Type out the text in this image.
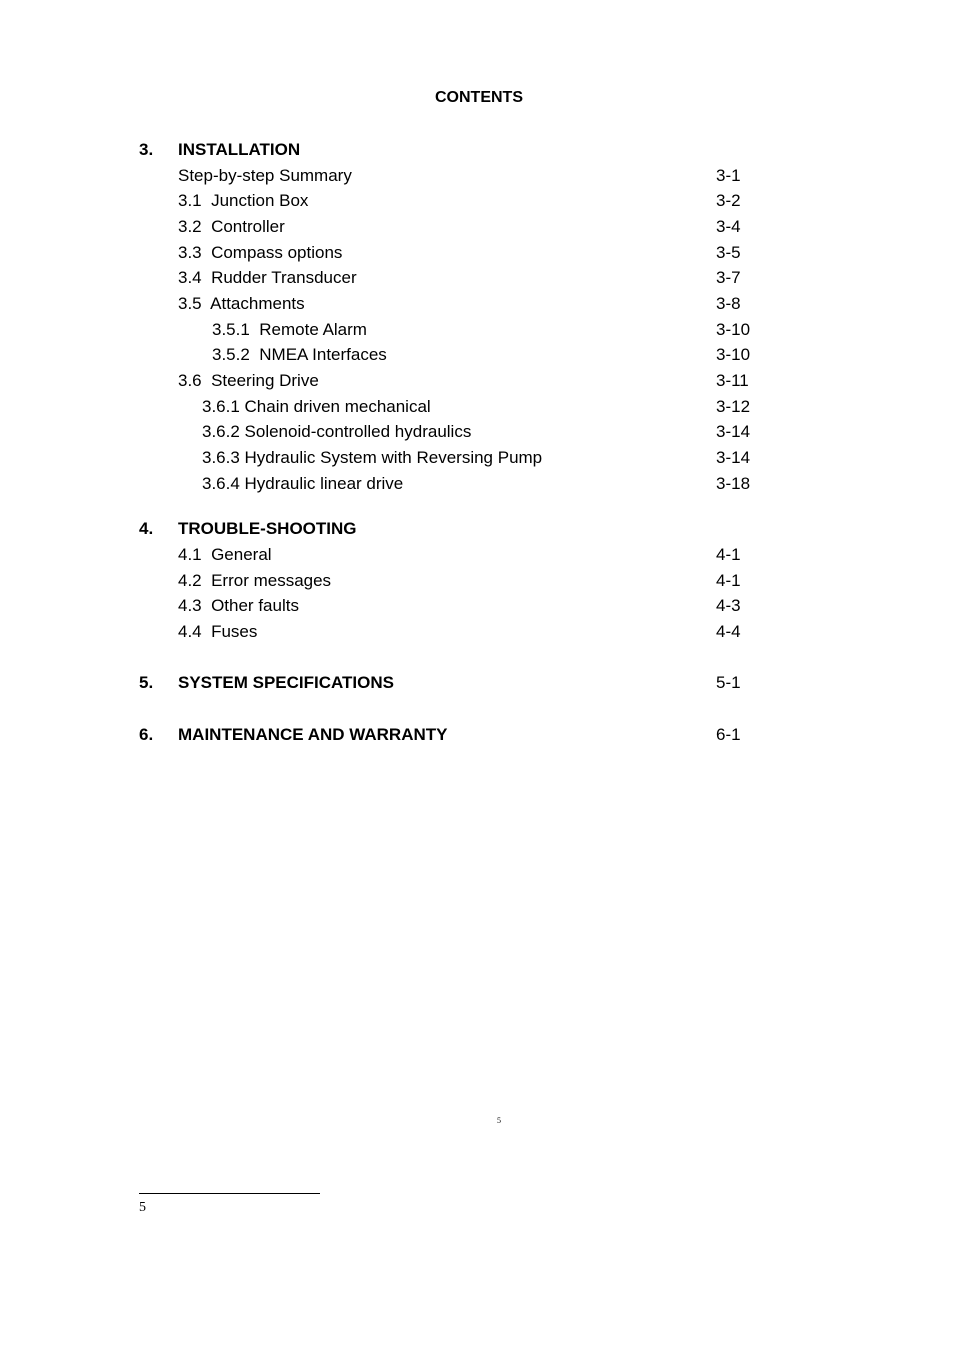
CONTENTS
3. INSTALLATION
Step-by-step Summary	3-1
3.1  Junction Box	3-2
3.2  Controller	3-4
3.3  Compass options	3-5
3.4  Rudder Transducer	3-7
3.5  Attachments	3-8
3.5.1  Remote Alarm	3-10
3.5.2  NMEA Interfaces	3-10
3.6  Steering Drive	3-11
3.6.1 Chain driven mechanical	3-12
3.6.2 Solenoid-controlled hydraulics	3-14
3.6.3 Hydraulic System with Reversing Pump	3-14
3.6.4 Hydraulic linear drive	3-18
4. TROUBLE-SHOOTING
4.1  General	4-1
4.2  Error messages	4-1
4.3  Other faults	4-3
4.4  Fuses	4-4
5. SYSTEM SPECIFICATIONS	5-1
6. MAINTENANCE AND WARRANTY	6-1
5
5
